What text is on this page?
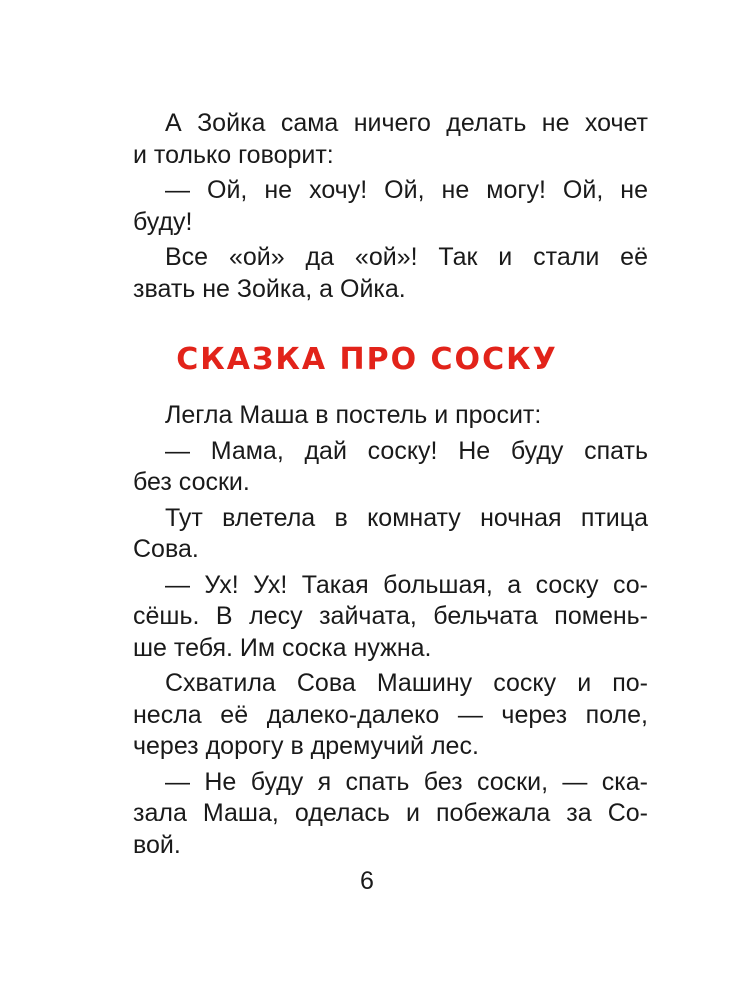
А Зойка сама ничего делать не хочет
и только говорит:

— Ой, не хочу! Ой, не могу! Ой, не
буду!

Все «ой» да «ой»! Так и стали её
звать не Зойка, а Ойка.

СКАЗКА ПРО СОСКУ

Легла Маша в постель и просит:

— Мама, дай соску! Не буду спать
без соски.

Тут влетела в комнату ночная птица
Сова.

— Ух! Ух! Такая большая, а соску со-
сёшь. В лесу зайчата, бельчата помень-
ше тебя. Им соска нужна.

Схватила Сова Машину соску и по-
несла её далеко-далеко — через поле,
через дорогу в дремучий лес.

— Не буду я спать без соски, — ска-
зала Маша, оделась и побежала за Со-
вой.

6
